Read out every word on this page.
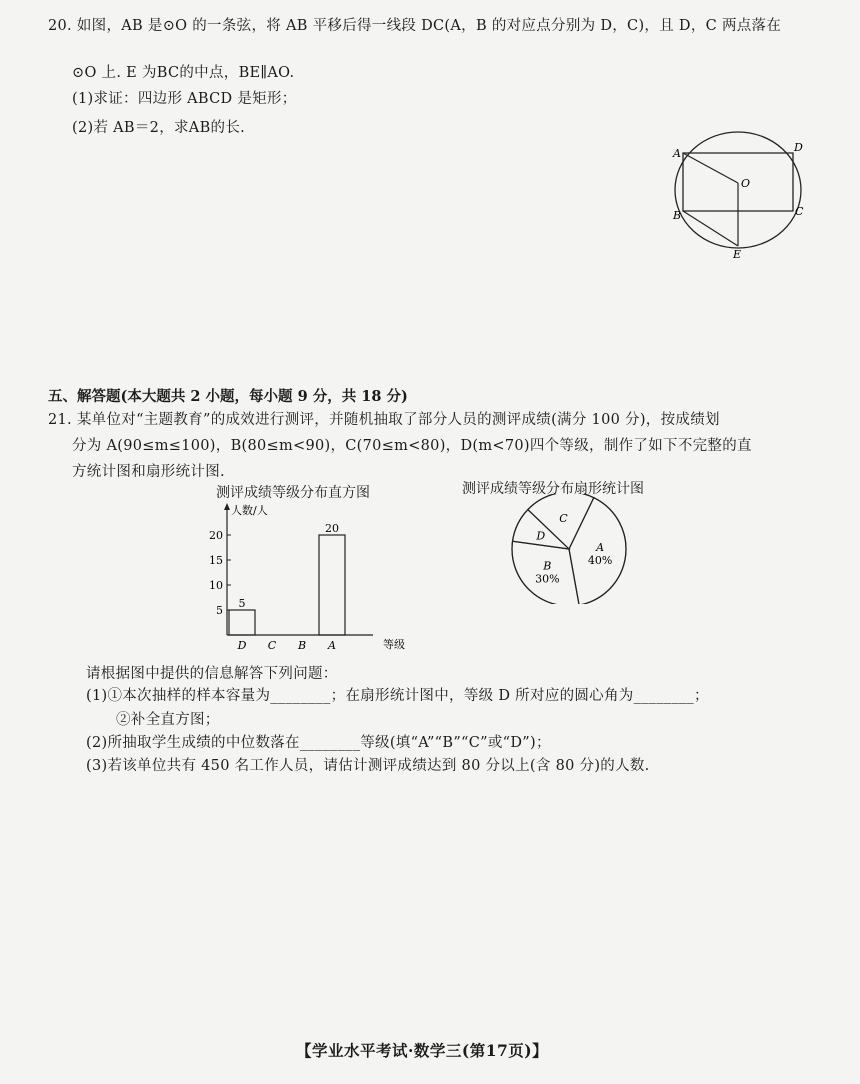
20. 如图，AB 是⊙O 的一条弦，将 AB 平移后得一线段 DC(A，B 的对应点分别为 D，C)，且 D，C 两点落在
⊙O 上. E 为BC的中点，BE∥AO.
(1)求证：四边形 ABCD 是矩形；
(2)若 AB＝2，求AB的长.
A	D
O
B	C
E
五、解答题(本大题共 2 小题，每小题 9 分，共 18 分)
21. 某单位对“主题教育”的成效进行测评，并随机抽取了部分人员的测评成绩(满分 100 分)，按成绩划
分为 A(90≤m≤100)，B(80≤m<90)，C(70≤m<80)，D(m<70)四个等级，制作了如下不完整的直
方统计图和扇形统计图.
测评成绩等级分布直方图	测评成绩等级分布扇形统计图
人数/人
等级
5
10
15
20
D
5
C B A
20
A
40%
B
30%
D
C
请根据图中提供的信息解答下列问题：
(1)①本次抽样的样本容量为________；在扇形统计图中，等级 D 所对应的圆心角为________；
②补全直方图；
(2)所抽取学生成绩的中位数落在________等级(填“A”“B”“C”或“D”)；
(3)若该单位共有 450 名工作人员，请估计测评成绩达到 80 分以上(含 80 分)的人数.
【学业水平考试·数学三(第17页)】
